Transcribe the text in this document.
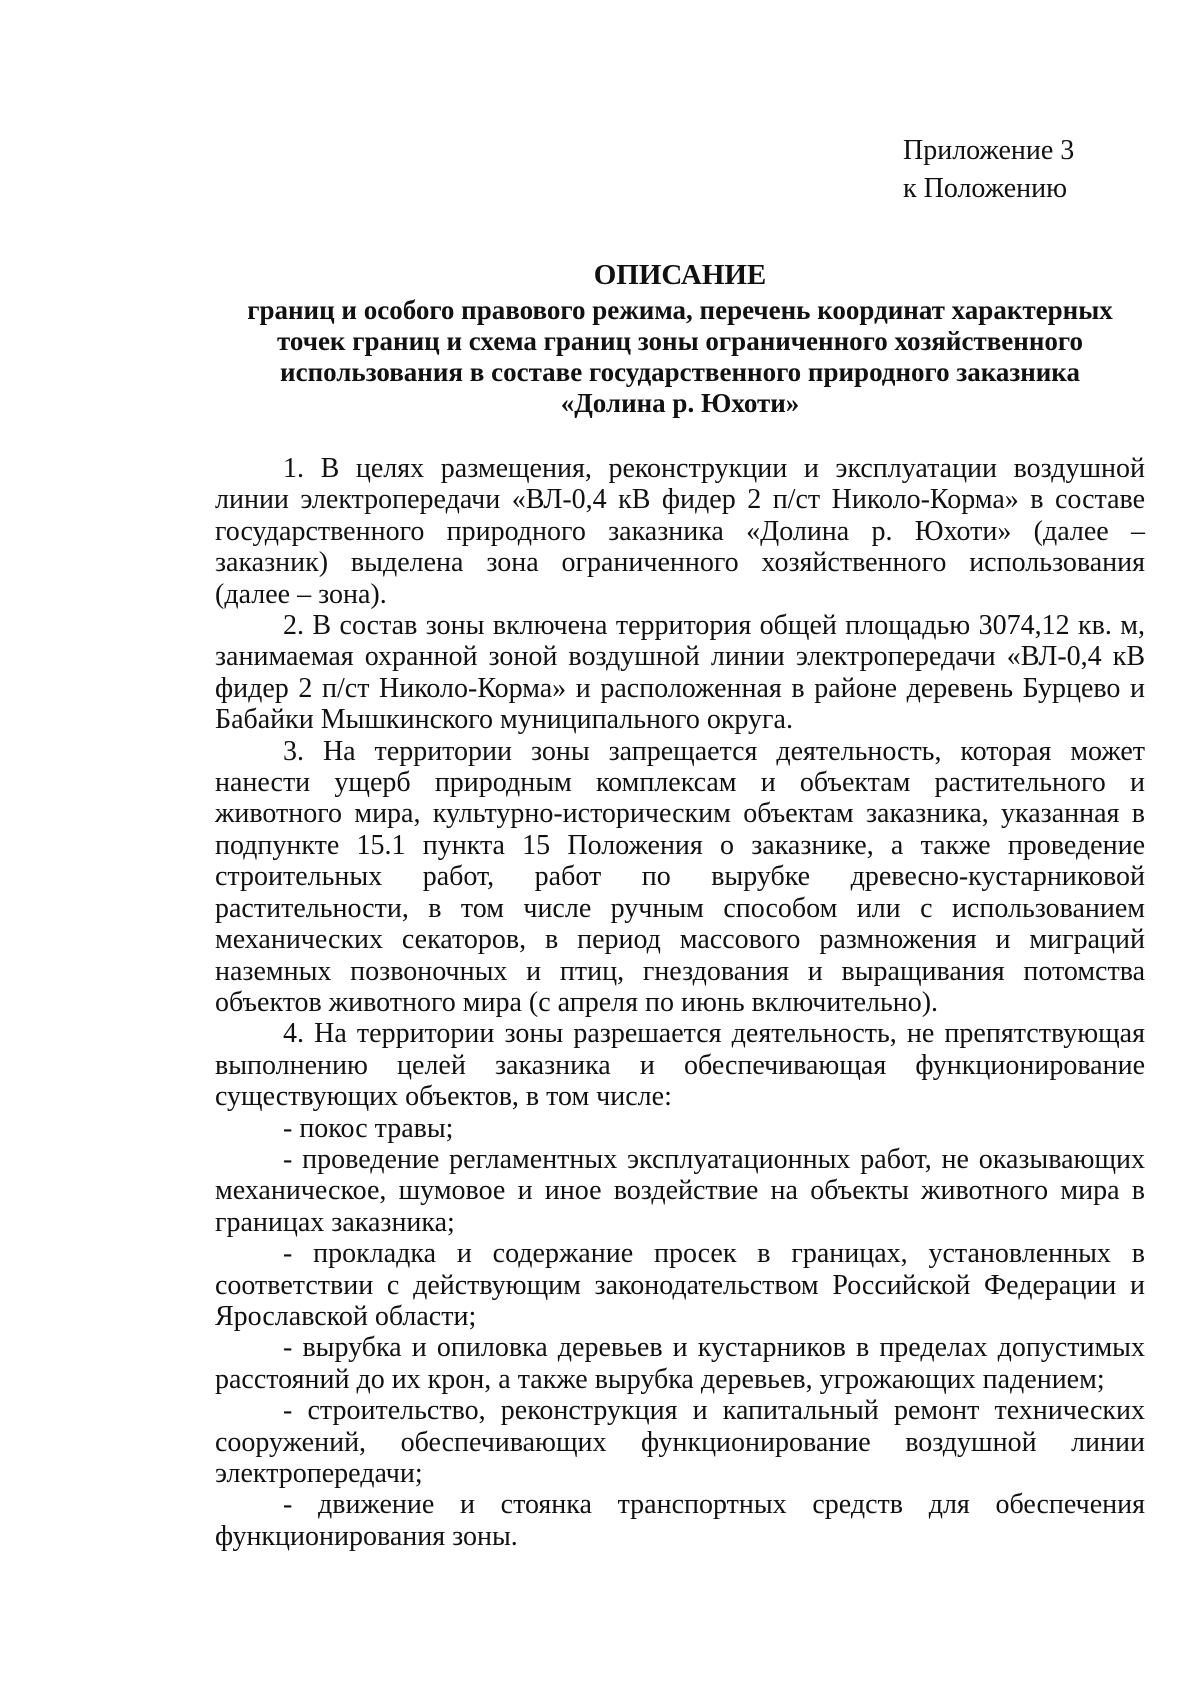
Приложение 3
к Положению
ОПИСАНИЕ
границ и особого правового режима, перечень координат характерных
точек границ и схема границ зоны ограниченного хозяйственного
использования в составе государственного природного заказника
«Долина р. Юхоти»

1. В целях размещения, реконструкции и эксплуатации воздушной линии электропередачи «ВЛ-0,4 кВ фидер 2 п/ст Николо-Корма» в составе государственного природного заказника «Долина р. Юхоти» (далее – заказник) выделена зона ограниченного хозяйственного использования (далее – зона).

2. В состав зоны включена территория общей площадью 3074,12 кв. м, занимаемая охранной зоной воздушной линии электропередачи «ВЛ-0,4 кВ фидер 2 п/ст Николо-Корма» и расположенная в районе деревень Бурцево и Бабайки Мышкинского муниципального округа.

3. На территории зоны запрещается деятельность, которая может нанести ущерб природным комплексам и объектам растительного и животного мира, культурно-историческим объектам заказника, указанная в подпункте 15.1 пункта 15 Положения о заказнике, а также проведение строительных работ, работ по вырубке древесно-кустарниковой растительности, в том числе ручным способом или с использованием механических секаторов, в период массового размножения и миграций наземных позвоночных и птиц, гнездования и выращивания потомства объектов животного мира (с апреля по июнь включительно).

4. На территории зоны разрешается деятельность, не препятствующая выполнению целей заказника и обеспечивающая функционирование существующих объектов, в том числе:

- покос травы;

- проведение регламентных эксплуатационных работ, не оказывающих механическое, шумовое и иное воздействие на объекты животного мира в границах заказника;

- прокладка и содержание просек в границах, установленных в соответствии с действующим законодательством Российской Федерации и Ярославской области;

- вырубка и опиловка деревьев и кустарников в пределах допустимых расстояний до их крон, а также вырубка деревьев, угрожающих падением;

- строительство, реконструкция и капитальный ремонт технических сооружений, обеспечивающих функционирование воздушной линии электропередачи;

- движение и стоянка транспортных средств для обеспечения функционирования зоны.
